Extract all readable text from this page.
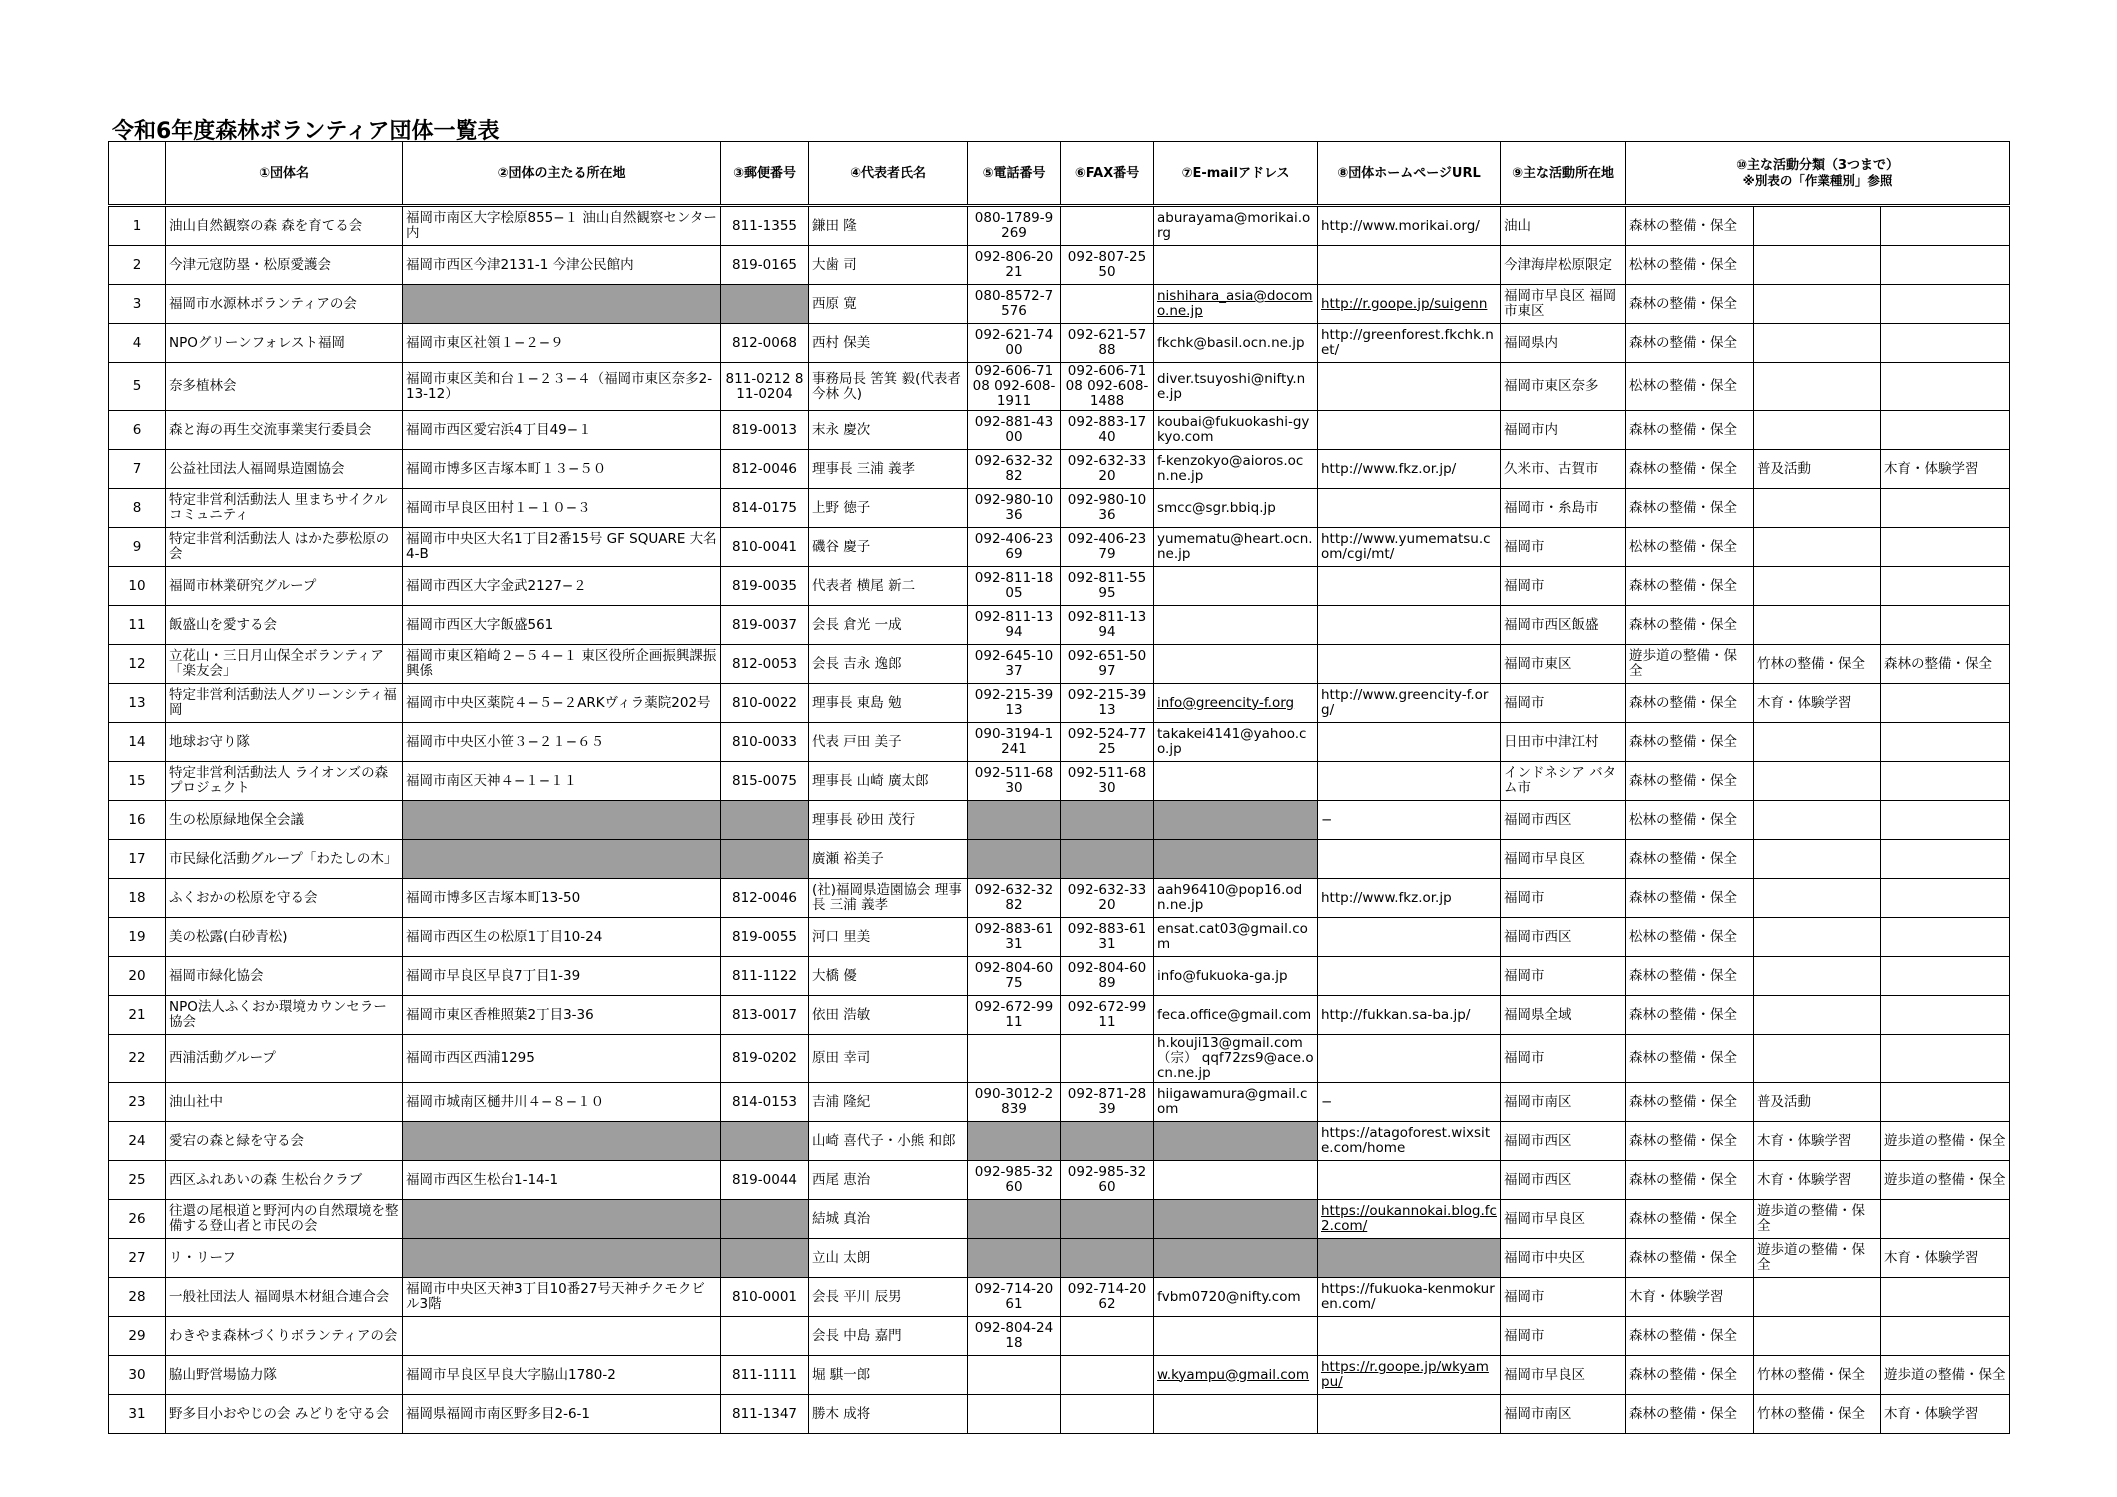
令和6年度森林ボランティア団体一覧表
	①団体名	②団体の主たる所在地	③郵便番号	④代表者氏名	⑤電話番号	⑥FAX番号	⑦E-mailアドレス	⑧団体ホームページURL	⑨主な活動所在地	⑩主な活動分類（3つまで）
※別表の「作業種別」参照		

1	油山自然観察の森 森を育てる会	福岡市南区大字桧原855−１ 油山自然観察センター内	811-1355	鎌田 隆	080-1789-9269		aburayama@morikai.org	http://www.morikai.org/	油山	森林の整備・保全		
2	今津元寇防塁・松原愛護会	福岡市西区今津2131-1 今津公民館内	819-0165	大歯 司	092-806-2021	092-807-2550			今津海岸松原限定	松林の整備・保全		
3	福岡市水源林ボランティアの会			西原 寛	080-8572-7576		nishihara_asia@docomo.ne.jp	http://r.goope.jp/suigenn	福岡市早良区 福岡市東区	森林の整備・保全		
4	NPOグリーンフォレスト福岡	福岡市東区社領１−２−９	812-0068	西村 保美	092-621-7400	092-621-5788	fkchk@basil.ocn.ne.jp	http://greenforest.fkchk.net/	福岡県内	森林の整備・保全		
5	奈多植林会	福岡市東区美和台１−２３−４（福岡市東区奈多2-13-12）	811-0212 811-0204	事務局長 筈箕 毅(代表者 今林 久)	092-606-7108 092-608-1911	092-606-7108 092-608-1488	diver.tsuyoshi@nifty.ne.jp		福岡市東区奈多	松林の整備・保全		
6	森と海の再生交流事業実行委員会	福岡市西区愛宕浜4丁目49−１	819-0013	末永 慶次	092-881-4300	092-883-1740	koubai@fukuokashi-gykyo.com		福岡市内	森林の整備・保全		
7	公益社団法人福岡県造園協会	福岡市博多区吉塚本町１３−５０	812-0046	理事長 三浦 義孝	092-632-3282	092-632-3320	f-kenzokyo@aioros.ocn.ne.jp	http://www.fkz.or.jp/	久米市、古賀市	森林の整備・保全	普及活動	木育・体験学習
8	特定非営利活動法人 里まちサイクルコミュニティ	福岡市早良区田村１−１０−３	814-0175	上野 徳子	092-980-1036	092-980-1036	smcc@sgr.bbiq.jp		福岡市・糸島市	森林の整備・保全		
9	特定非営利活動法人 はかた夢松原の会	福岡市中央区大名1丁目2番15号 GF SQUARE 大名4-B	810-0041	磯谷 慶子	092-406-2369	092-406-2379	yumematu@heart.ocn.ne.jp	http://www.yumematsu.com/cgi/mt/	福岡市	松林の整備・保全		
10	福岡市林業研究グループ	福岡市西区大字金武2127−２	819-0035	代表者 横尾 新二	092-811-1805	092-811-5595			福岡市	森林の整備・保全		
11	飯盛山を愛する会	福岡市西区大字飯盛561	819-0037	会長 倉光 一成	092-811-1394	092-811-1394			福岡市西区飯盛	森林の整備・保全		
12	立花山・三日月山保全ボランティア「楽友会」	福岡市東区箱崎２−５４−１ 東区役所企画振興課振興係	812-0053	会長 吉永 逸郎	092-645-1037	092-651-5097			福岡市東区	遊歩道の整備・保全	竹林の整備・保全	森林の整備・保全
13	特定非営利活動法人グリーンシティ福岡	福岡市中央区薬院４−５−２ARKヴィラ薬院202号	810-0022	理事長 東島 勉	092-215-3913	092-215-3913	info@greencity-f.org	http://www.greencity-f.org/	福岡市	森林の整備・保全	木育・体験学習	
14	地球お守り隊	福岡市中央区小笹３−２１−６５	810-0033	代表 戸田 美子	090-3194-1241	092-524-7725	takakei4141@yahoo.co.jp		日田市中津江村	森林の整備・保全		
15	特定非営利活動法人 ライオンズの森プロジェクト	福岡市南区天神４−１−１１	815-0075	理事長 山崎 廣太郎	092-511-6830	092-511-6830			インドネシア バタム市	森林の整備・保全		
16	生の松原緑地保全会議			理事長 砂田 茂行				−	福岡市西区	松林の整備・保全		
17	市民緑化活動グループ「わたしの木」			廣瀬 裕美子					福岡市早良区	森林の整備・保全		
18	ふくおかの松原を守る会	福岡市博多区吉塚本町13-50	812-0046	(社)福岡県造園協会 理事長 三浦 義孝	092-632-3282	092-632-3320	aah96410@pop16.odn.ne.jp	http://www.fkz.or.jp	福岡市	森林の整備・保全		
19	美の松露(白砂青松)	福岡市西区生の松原1丁目10-24	819-0055	河口 里美	092-883-6131	092-883-6131	ensat.cat03@gmail.com		福岡市西区	松林の整備・保全		
20	福岡市緑化協会	福岡市早良区早良7丁目1-39	811-1122	大橋 優	092-804-6075	092-804-6089	info@fukuoka-ga.jp		福岡市	森林の整備・保全		
21	NPO法人ふくおか環境カウンセラー協会	福岡市東区香椎照葉2丁目3-36	813-0017	依田 浩敏	092-672-9911	092-672-9911	feca.office@gmail.com	http://fukkan.sa-ba.jp/	福岡県全域	森林の整備・保全		
22	西浦活動グループ	福岡市西区西浦1295	819-0202	原田 幸司			h.kouji13@gmail.com （宗） qqf72zs9@ace.ocn.ne.jp		福岡市	森林の整備・保全		
23	油山社中	福岡市城南区樋井川４−８−１０	814-0153	吉浦 隆紀	090-3012-2839	092-871-2839	hiigawamura@gmail.com	−	福岡市南区	森林の整備・保全	普及活動	
24	愛宕の森と緑を守る会			山崎 喜代子・小熊 和郎				https://atagoforest.wixsite.com/home	福岡市西区	森林の整備・保全	木育・体験学習	遊歩道の整備・保全
25	西区ふれあいの森 生松台クラブ	福岡市西区生松台1-14-1	819-0044	西尾 恵治	092-985-3260	092-985-3260			福岡市西区	森林の整備・保全	木育・体験学習	遊歩道の整備・保全
26	往還の尾根道と野河内の自然環境を整備する登山者と市民の会			結城 真治				https://oukannokai.blog.fc2.com/	福岡市早良区	森林の整備・保全	遊歩道の整備・保全	
27	リ・リーフ			立山 太朗					福岡市中央区	森林の整備・保全	遊歩道の整備・保全	木育・体験学習
28	一般社団法人 福岡県木材組合連合会	福岡市中央区天神3丁目10番27号天神チクモクビル3階	810-0001	会長 平川 辰男	092-714-2061	092-714-2062	fvbm0720@nifty.com	https://fukuoka-kenmokuren.com/	福岡市	木育・体験学習		
29	わきやま森林づくりボランティアの会			会長 中島 嘉門	092-804-2418				福岡市	森林の整備・保全		
30	脇山野営場協力隊	福岡市早良区早良大字脇山1780-2	811-1111	堀 騏一郎			w.kyampu@gmail.com	https://r.goope.jp/wkyampu/	福岡市早良区	森林の整備・保全	竹林の整備・保全	遊歩道の整備・保全
31	野多目小おやじの会 みどりを守る会	福岡県福岡市南区野多目2-6-1	811-1347	勝木 成将					福岡市南区	森林の整備・保全	竹林の整備・保全	木育・体験学習
